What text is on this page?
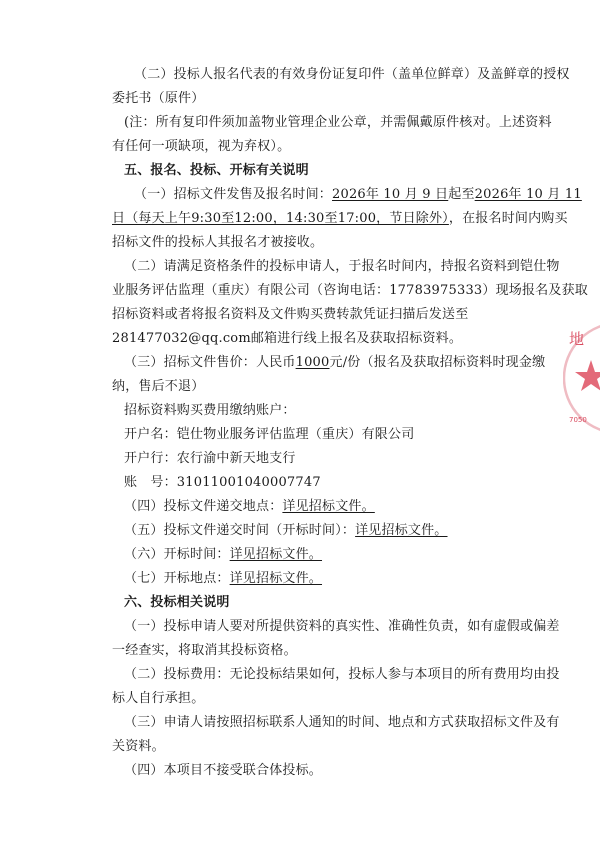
（二）投标人报名代表的有效身份证复印件（盖单位鲜章）及盖鲜章的授权
委托书（原件）
(注：所有复印件须加盖物业管理企业公章，并需佩戴原件核对。上述资料
有任何一项缺项，视为弃权）。
五、报名、投标、开标有关说明
（一）招标文件发售及报名时间：2026年 10 月 9 日起至2026年 10 月 11
日（每天上午9:30至12:00，14:30至17:00，节日除外），在报名时间内购买
招标文件的投标人其报名才被接收。
（二）请满足资格条件的投标申请人，于报名时间内，持报名资料到铠仕物
业服务评估监理（重庆）有限公司（咨询电话：17783975333）现场报名及获取
招标资料或者将报名资料及文件购买费转款凭证扫描后发送至
281477032@qq.com邮箱进行线上报名及获取招标资料。
（三）招标文件售价：人民币1000元/份（报名及获取招标资料时现金缴
纳，售后不退）
招标资料购买费用缴纳账户：
开户名：铠仕物业服务评估监理（重庆）有限公司
开户行：农行渝中新天地支行
账　号：31011001040007747
（四）投标文件递交地点：详见招标文件。
（五）投标文件递交时间（开标时间）：详见招标文件。
（六）开标时间：详见招标文件。
（七）开标地点：详见招标文件。
六、投标相关说明
（一）投标申请人要对所提供资料的真实性、准确性负责，如有虚假或偏差
一经查实，将取消其投标资格。
（二）投标费用：无论投标结果如何，投标人参与本项目的所有费用均由投
标人自行承担。
（三）申请人请按照招标联系人通知的时间、地点和方式获取招标文件及有
关资料。
（四）本项目不接受联合体投标。
地
7050
